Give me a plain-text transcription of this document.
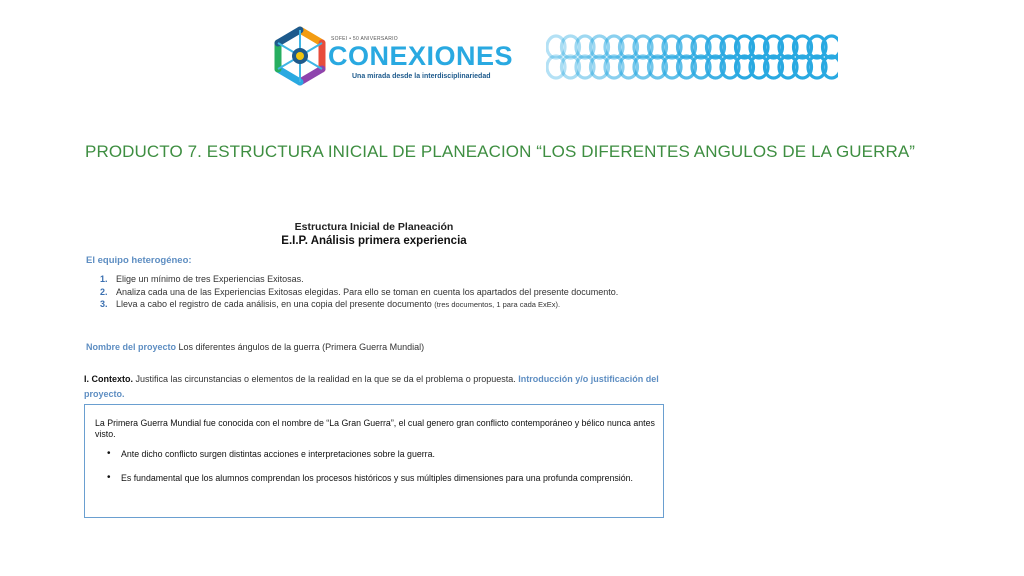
SOFEI • 50 ANIVERSARIO
CONEXIONES
Una mirada desde la interdisciplinariedad
PRODUCTO 7. ESTRUCTURA INICIAL DE PLANEACION “LOS DIFERENTES ANGULOS DE LA GUERRA”
Estructura Inicial de Planeación
E.I.P. Análisis primera experiencia
El equipo heterogéneo:
1. Elige un mínimo de tres Experiencias Exitosas.
2. Analiza cada una de las Experiencias Exitosas elegidas. Para ello se toman en cuenta los apartados del presente documento.
3. Lleva a cabo el registro de cada análisis, en una copia del presente documento (tres documentos, 1 para cada ExEx).
Nombre del proyecto Los diferentes ángulos de la guerra (Primera Guerra Mundial)
I. Contexto. Justifica las circunstancias o elementos de la realidad en la que se da el problema o propuesta. Introducción y/o justificación del proyecto.
La Primera Guerra Mundial fue conocida con el nombre de “La Gran Guerra”, el cual genero gran conflicto contemporáneo y bélico nunca antes visto.
• Ante dicho conflicto surgen distintas acciones e interpretaciones sobre la guerra.
• Es fundamental que los alumnos comprendan los procesos históricos y sus múltiples dimensiones para una profunda comprensión.
